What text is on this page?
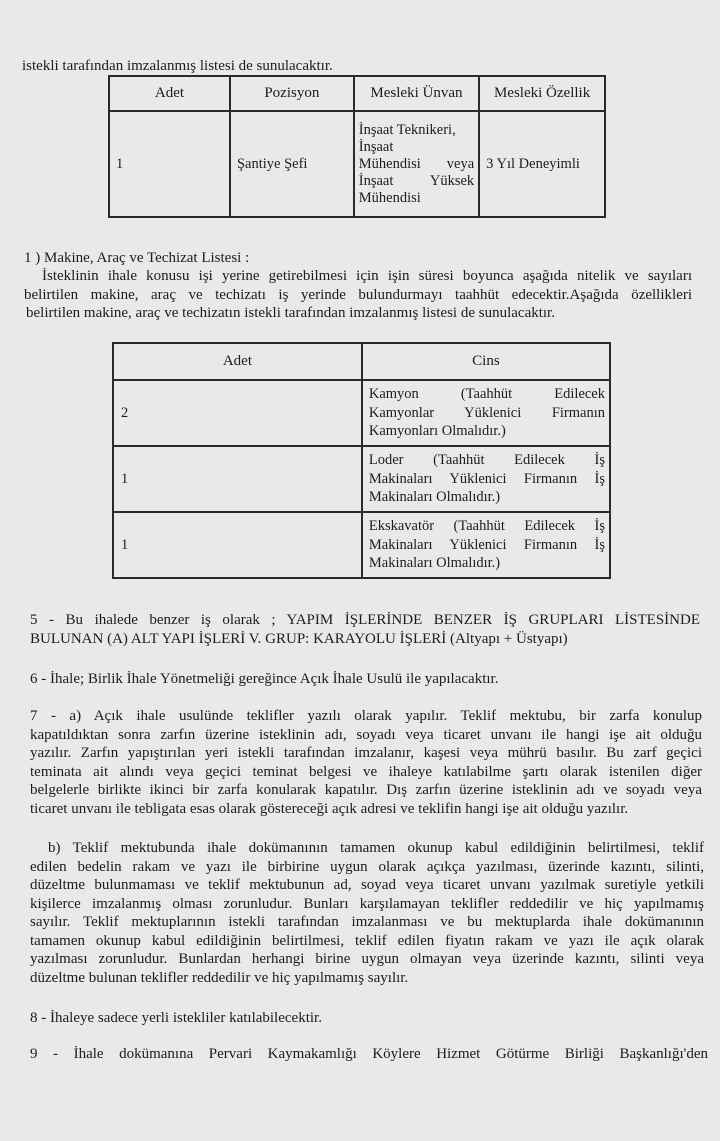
istekli tarafından imzalanmış listesi de sunulacaktır.
Adet	Pozisyon	Mesleki Ünvan	Mesleki Özellik
1	Şantiye Şefi	İnşaat Teknikeri,
İnşaat
Mühendisi veya
İnşaat Yüksek
Mühendisi	3 Yıl Deneyimli
1 ) Makine, Araç ve Techizat Listesi :
İsteklinin ihale konusu işi yerine getirebilmesi için işin süresi boyunca aşağıda nitelik ve sayıları
belirtilen makine, araç ve techizatı iş yerinde bulundurmayı taahhüt edecektir.Aşağıda özellikleri
belirtilen makine, araç ve techizatın istekli tarafından imzalanmış listesi de sunulacaktır.
Adet	Cins
2	Kamyon (Taahhüt Edilecek
Kamyonlar Yüklenici Firmanın
Kamyonları Olmalıdır.)

1	Loder (Taahhüt Edilecek İş
Makinaları Yüklenici Firmanın İş
Makinaları Olmalıdır.)

1	Ekskavatör (Taahhüt Edilecek İş
Makinaları Yüklenici Firmanın İş
Makinaları Olmalıdır.)
5 - Bu ihalede benzer iş olarak ; YAPIM İŞLERİNDE BENZER İŞ GRUPLARI LİSTESİNDE
BULUNAN (A) ALT YAPI İŞLERİ V. GRUP: KARAYOLU İŞLERİ (Altyapı + Üstyapı)
6 - İhale; Birlik İhale Yönetmeliği gereğince Açık İhale Usulü ile yapılacaktır.
7 - a) Açık ihale usulünde teklifler yazılı olarak yapılır. Teklif mektubu, bir zarfa konulup
kapatıldıktan sonra zarfın üzerine isteklinin adı, soyadı veya ticaret unvanı ile hangi işe ait olduğu
yazılır. Zarfın yapıştırılan yeri istekli tarafından imzalanır, kaşesi veya mührü basılır. Bu zarf geçici
teminata ait alındı veya geçici teminat belgesi ve ihaleye katılabilme şartı olarak istenilen diğer
belgelerle birlikte ikinci bir zarfa konularak kapatılır. Dış zarfın üzerine isteklinin adı ve soyadı veya
ticaret unvanı ile tebligata esas olarak göstereceği açık adresi ve teklifin hangi işe ait olduğu yazılır.
b) Teklif mektubunda ihale dokümanının tamamen okunup kabul edildiğinin belirtilmesi, teklif
edilen bedelin rakam ve yazı ile birbirine uygun olarak açıkça yazılması, üzerinde kazıntı, silinti,
düzeltme bulunmaması ve teklif mektubunun ad, soyad veya ticaret unvanı yazılmak suretiyle yetkili
kişilerce imzalanmış olması zorunludur. Bunları karşılamayan teklifler reddedilir ve hiç yapılmamış
sayılır. Teklif mektuplarının istekli tarafından imzalanması ve bu mektuplarda ihale dokümanının
tamamen okunup kabul edildiğinin belirtilmesi, teklif edilen fiyatın rakam ve yazı ile açık olarak
yazılması zorunludur. Bunlardan herhangi birine uygun olmayan veya üzerinde kazıntı, silinti veya
düzeltme bulunan teklifler reddedilir ve hiç yapılmamış sayılır.
8 - İhaleye sadece yerli istekliler katılabilecektir.
9 - İhale dokümanına Pervari Kaymakamlığı Köylere Hizmet Götürme Birliği Başkanlığı'den
